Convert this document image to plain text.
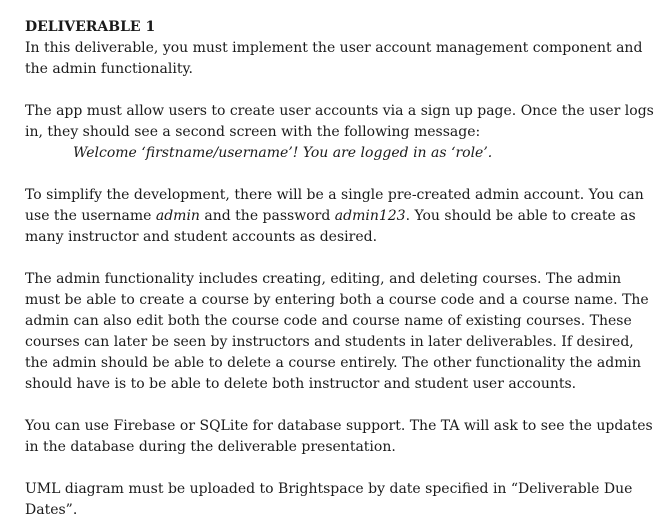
DELIVERABLE 1

In this deliverable, you must implement the user account management component and the admin functionality.

The app must allow users to create user accounts via a sign up page. Once the user logs in, they should see a second screen with the following message:
Welcome ‘firstname/username’! You are logged in as ‘role’.

To simplify the development, there will be a single pre-created admin account. You can use the username admin and the password admin123. You should be able to create as many instructor and student accounts as desired.

The admin functionality includes creating, editing, and deleting courses. The admin must be able to create a course by entering both a course code and a course name. The admin can also edit both the course code and course name of existing courses. These courses can later be seen by instructors and students in later deliverables. If desired, the admin should be able to delete a course entirely. The other functionality the admin should have is to be able to delete both instructor and student user accounts.

You can use Firebase or SQLite for database support. The TA will ask to see the updates in the database during the deliverable presentation.

UML diagram must be uploaded to Brightspace by date specified in “Deliverable Due Dates”.
